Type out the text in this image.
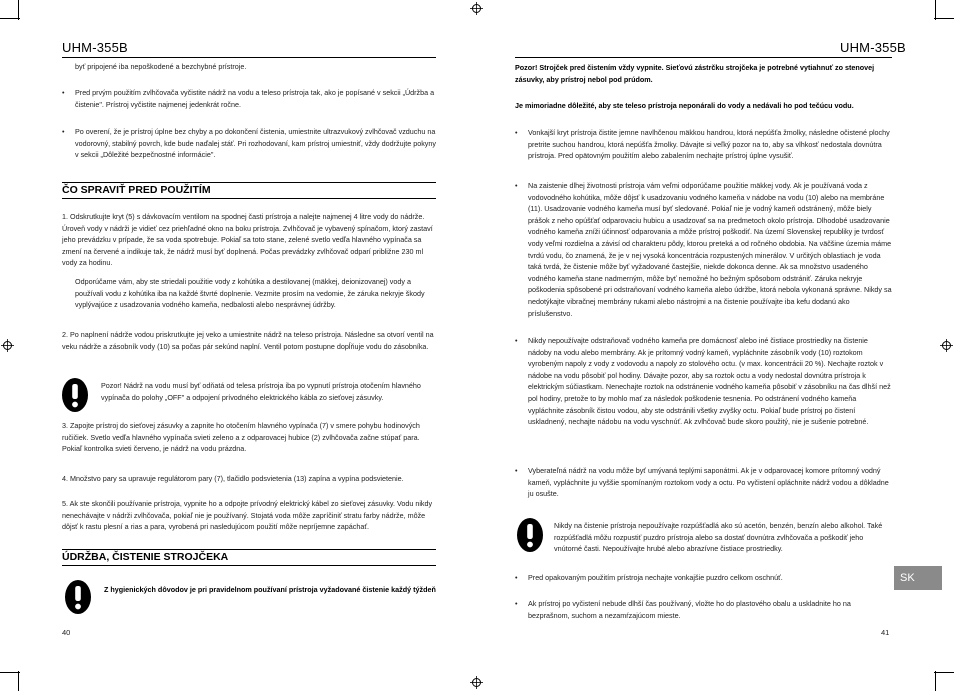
UHM-355B
byť pripojené iba nepoškodené a bezchybné prístroje.
• Pred prvým použitím zvlhčovača vyčistite nádrž na vodu a teleso prístroja tak, ako je popísané v sekcii „Údržba a čistenie". Prístroj vyčistite najmenej jedenkrát ročne.
• Po overení, že je prístroj úplne bez chyby a po dokončení čistenia, umiestnite ultrazvukový zvlhčovač vzduchu na vodorovný, stabilný povrch, kde bude naďalej stáť. Pri rozhodovaní, kam prístroj umiestniť, vždy dodržujte pokyny v sekcii „Dôležité bezpečnostné informácie".
ČO SPRAVIŤ PRED POUŽITÍM
1. Odskrutkujte kryt (5) s dávkovacím ventilom na spodnej časti prístroja a nalejte najmenej 4 litre vody do nádrže. Úroveň vody v nádrži je vidieť cez priehľadné okno na boku prístroja. Zvlhčovač je vybavený spínačom, ktorý zastaví jeho prevádzku v prípade, že sa voda spotrebuje. Pokiaľ sa toto stane, zelené svetlo vedľa hlavného vypínača sa zmení na červené a indikuje tak, že nádrž musí byť doplnená. Počas prevádzky zvlhčovač odparí približne 230 ml vody za hodinu.
Odporúčame vám, aby ste striedali použitie vody z kohútika a destilovanej (mäkkej, deionizovanej) vody a používali vodu z kohútika iba na každé štvrté doplnenie. Vezmite prosím na vedomie, že záruka nekryje škody vyplývajúce z usadzovania vodného kameňa, nedbalosti alebo nesprávnej údržby.
2. Po naplnení nádrže vodou priskrutkujte jej veko a umiestnite nádrž na teleso prístroja. Následne sa otvorí ventil na veku nádrže a zásobník vody (10) sa počas pár sekúnd naplní. Ventil potom postupne dopĺňuje vodu do zásobníka.
Pozor! Nádrž na vodu musí byť odňatá od telesa prístroja iba po vypnutí prístroja otočením hlavného vypínača do polohy „OFF" a odpojení prívodného elektrického kábla zo sieťovej zásuvky.
3. Zapojte prístroj do sieťovej zásuvky a zapnite ho otočením hlavného vypínača (7) v smere pohybu hodinových ručičiek. Svetlo vedľa hlavného vypínača svieti zeleno a z odparovacej hubice (2) zvlhčovača začne stúpať para. Pokiaľ kontrolka svieti červeno, je nádrž na vodu prázdna.
4. Množstvo pary sa upravuje regulátorom pary (7), tlačidlo podsvietenia (13) zapína a vypína podsvietenie.
5. Ak ste skončili používanie prístroja, vypnite ho a odpojte prívodný elektrický kábel zo sieťovej zásuvky. Vodu nikdy nenechávajte v nádrži zvlhčovača, pokiaľ nie je používaný. Stojatá voda môže zapríčiniť stratu farby nádrže, môže dôjsť k rastu plesní a rias a para, vyrobená pri nasledujúcom použití môže nepríjemne zapáchať.
ÚDRŽBA, ČISTENIE STROJČEKA
Z hygienických dôvodov je pri pravidelnom používaní prístroja vyžadované čistenie každý týždeň
40
UHM-355B
Pozor! Strojček pred čistením vždy vypnite. Sieťovú zástrčku strojčeka je potrebné vytiahnuť zo stenovej zásuvky, aby prístroj nebol pod prúdom.
Je mimoriadne dôležité, aby ste teleso prístroja neponárali do vody a nedávali ho pod tečúcu vodu.
• Vonkajší kryt prístroja čistite jemne navlhčenou mäkkou handrou, ktorá nepúšťa žmolky, následne očistené plochy pretrite suchou handrou, ktorá nepúšťa žmolky. Dávajte si veľký pozor na to, aby sa vlhkosť nedostala dovnútra prístroja. Pred opätovným použitím alebo zabalením nechajte prístroj úplne vysušiť.
• Na zaistenie dlhej životnosti prístroja vám veľmi odporúčame použitie mäkkej vody. Ak je používaná voda z vodovodného kohútika, môže dôjsť k usadzovaniu vodného kameňa v nádobe na vodu (10) alebo na membráne (11). Usadzovanie vodného kameňa musí byť sledované. Pokiaľ nie je vodný kameň odstránený, môže biely prášok z neho opúšťať odparovaciu hubicu a usadzovať sa na predmetoch okolo prístroja. Dlhodobé usadzovanie vodného kameňa zníži účinnosť odparovania a môže prístroj poškodiť. Na území Slovenskej republiky je tvrdosť vody veľmi rozdielna a závisí od charakteru pôdy, ktorou preteká a od ročného obdobia. Na väčšine územia máme tvrdú vodu, čo znamená, že je v nej vysoká koncentrácia rozpustených minerálov. V určitých oblastiach je voda taká tvrdá, že čistenie môže byť vyžadované častejšie, niekde dokonca denne. Ak sa množstvo usadeného vodného kameňa stane nadmerným, môže byť nemožné ho bežným spôsobom odstrániť. Záruka nekryje poškodenia spôsobené pri odstraňovaní vodného kameňa alebo údržbe, ktorá nebola vykonaná správne. Nikdy sa nedotýkajte vibračnej membrány rukami alebo nástrojmi a na čistenie používajte iba kefu dodanú ako príslušenstvo.
• Nikdy nepoužívajte odstraňovač vodného kameňa pre domácnosť alebo iné čistiace prostriedky na čistenie nádoby na vodu alebo membrány. Ak je prítomný vodný kameň, vypláchnite zásobník vody (10) roztokom vyrobeným napoly z vody z vodovodu a napoly zo stolového octu. (v max. koncentrácii 20 %). Nechajte roztok v nádobe na vodu pôsobiť pol hodiny. Dávajte pozor, aby sa roztok octu a vody nedostal dovnútra prístroja k elektrickým súčiastkam. Nenechajte roztok na odstránenie vodného kameňa pôsobiť v zásobníku na čas dlhší než pol hodiny, pretože to by mohlo mať za následok poškodenie tesnenia. Po odstránení vodného kameňa vypláchnite zásobník čistou vodou, aby ste odstránili všetky zvyšky octu. Pokiaľ bude prístroj po čistení uskladnený, nechajte nádobu na vodu vyschnúť. Ak zvlhčovač bude skoro použitý, nie je sušenie potrebné.
• Vyberateľná nádrž na vodu môže byť umývaná teplými saponátmi. Ak je v odparovacej komore prítomný vodný kameň, vypláchnite ju vyššie spomínaným roztokom vody a octu. Po vyčistení opláchnite nádrž vodou a dôkladne ju osušte.
Nikdy na čistenie prístroja nepoužívajte rozpúšťadlá ako sú acetón, benzén, benzín alebo alkohol. Také rozpúšťadlá môžu rozpustiť puzdro prístroja alebo sa dostať dovnútra zvlhčovača a poškodiť jeho vnútorné časti. Nepoužívajte hrubé alebo abrazívne čistiace prostriedky.
• Pred opakovaným použitím prístroja nechajte vonkajšie puzdro celkom oschnúť.
• Ak prístroj po vyčistení nebude dlhší čas používaný, vložte ho do plastového obalu a uskladnite ho na bezprašnom, suchom a nezamŕzajúcom mieste.
41
SK
